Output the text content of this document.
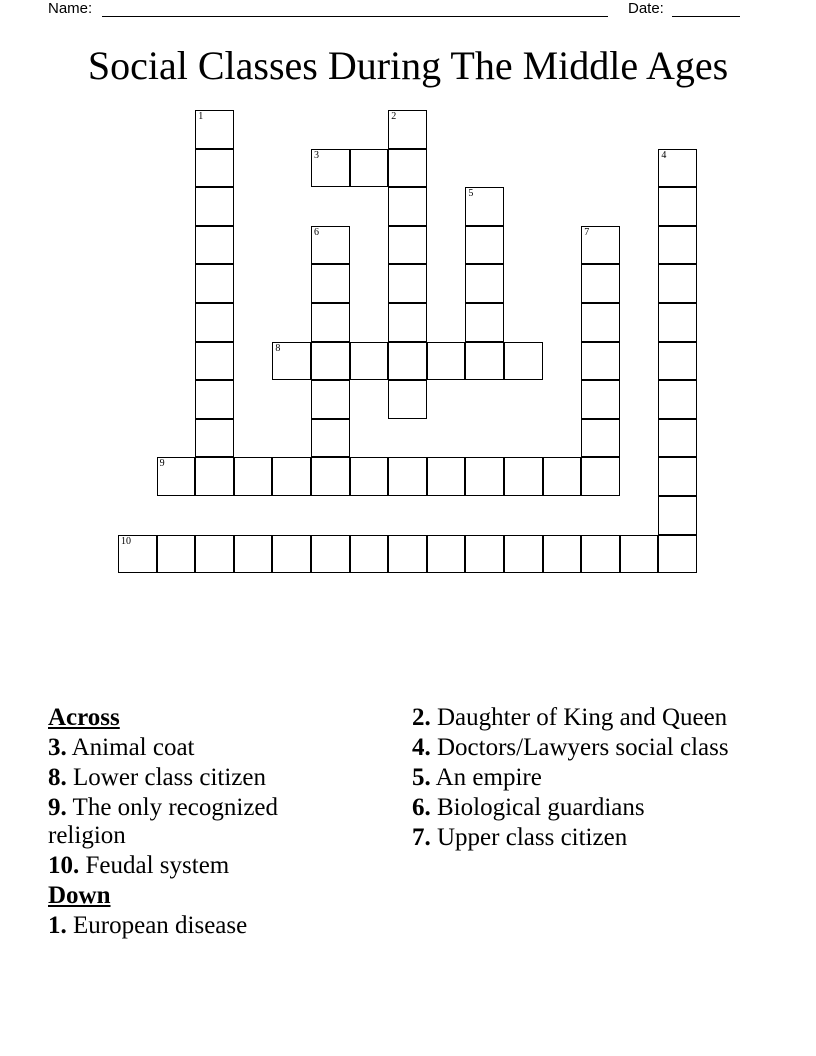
Name:	Date:
Social Classes During The Middle Ages
1	2
3	4
5
6	7
8
9
10
Across
3. Animal coat
8. Lower class citizen
9. The only recognized religion
10. Feudal system
Down
1. European disease
2. Daughter of King and Queen
4. Doctors/Lawyers social class
5. An empire
6. Biological guardians
7. Upper class citizen
